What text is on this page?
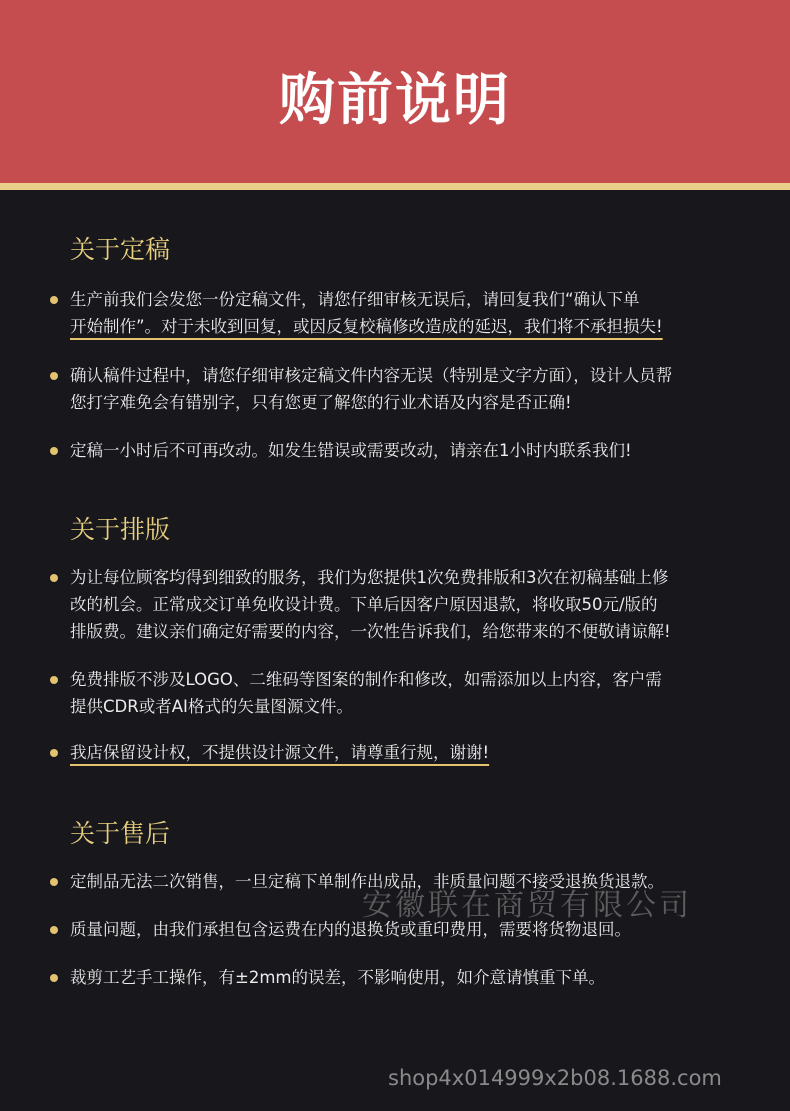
购前说明
关于定稿
生产前我们会发您一份定稿文件，请您仔细审核无误后，请回复我们“确认下单
开始制作”。对于未收到回复，或因反复校稿修改造成的延迟，我们将不承担损失!
确认稿件过程中，请您仔细审核定稿文件内容无误（特别是文字方面），设计人员帮
您打字难免会有错别字，只有您更了解您的行业术语及内容是否正确!
定稿一小时后不可再改动。如发生错误或需要改动，请亲在1小时内联系我们!
关于排版
为让每位顾客均得到细致的服务，我们为您提供1次免费排版和3次在初稿基础上修
改的机会。正常成交订单免收设计费。下单后因客户原因退款，将收取50元/版的
排版费。建议亲们确定好需要的内容，一次性告诉我们，给您带来的不便敬请谅解!
免费排版不涉及LOGO、二维码等图案的制作和修改，如需添加以上内容，客户需
提供CDR或者AI格式的矢量图源文件。
我店保留设计权，不提供设计源文件，请尊重行规，谢谢!
关于售后
定制品无法二次销售，一旦定稿下单制作出成品，非质量问题不接受退换货退款。
质量问题，由我们承担包含运费在内的退换货或重印费用，需要将货物退回。
裁剪工艺手工操作，有±2mm的误差，不影响使用，如介意请慎重下单。
安徽联在商贸有限公司
shop4x014999x2b08.1688.com
